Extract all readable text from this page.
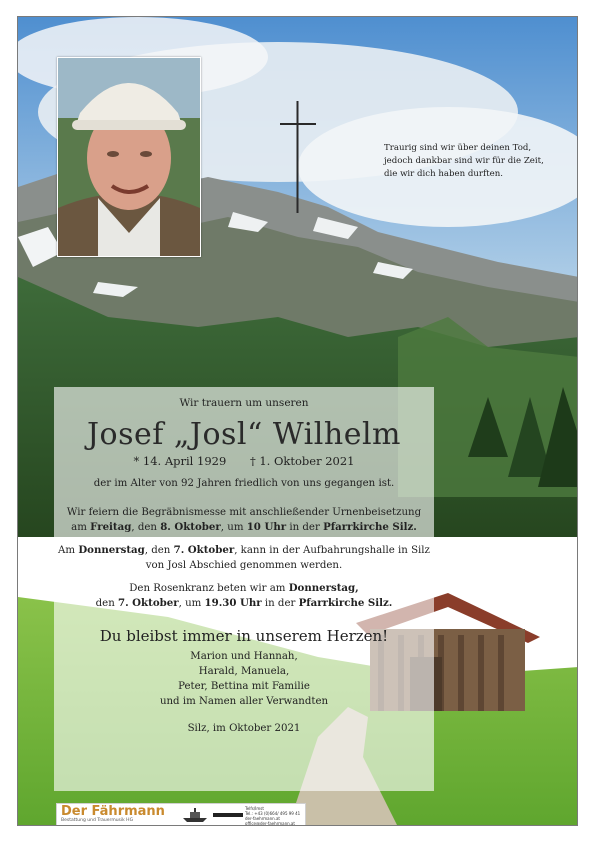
Traurig sind wir über deinen Tod,
jedoch dankbar sind wir für die Zeit,
die wir dich haben durften.
Wir trauern um unseren
Josef „Josl“ Wilhelm
* 14. April 1929 † 1. Oktober 2021
der im Alter von 92 Jahren friedlich von uns gegangen ist.
Wir feiern die Begräbnismesse mit anschließender Urnenbeisetzung
am Freitag, den 8. Oktober, um 10 Uhr in der Pfarrkirche Silz.
Am Donnerstag, den 7. Oktober, kann in der Aufbahrungshalle in Silz
von Josl Abschied genommen werden.
Den Rosenkranz beten wir am Donnerstag,
den 7. Oktober, um 19.30 Uhr in der Pfarrkirche Silz.
Du bleibst immer in unserem Herzen!
Marion und Hannah,
Harald, Manuela,
Peter, Bettina mit Familie
und im Namen aller Verwandten
Silz, im Oktober 2021
Der Fährmann
Bestattung und Trauermusik HG
Telfs/Imst
Tel.: +43 (0)664/ 495 99 41
der-faehrmann.at office@der-faehrmann.at
